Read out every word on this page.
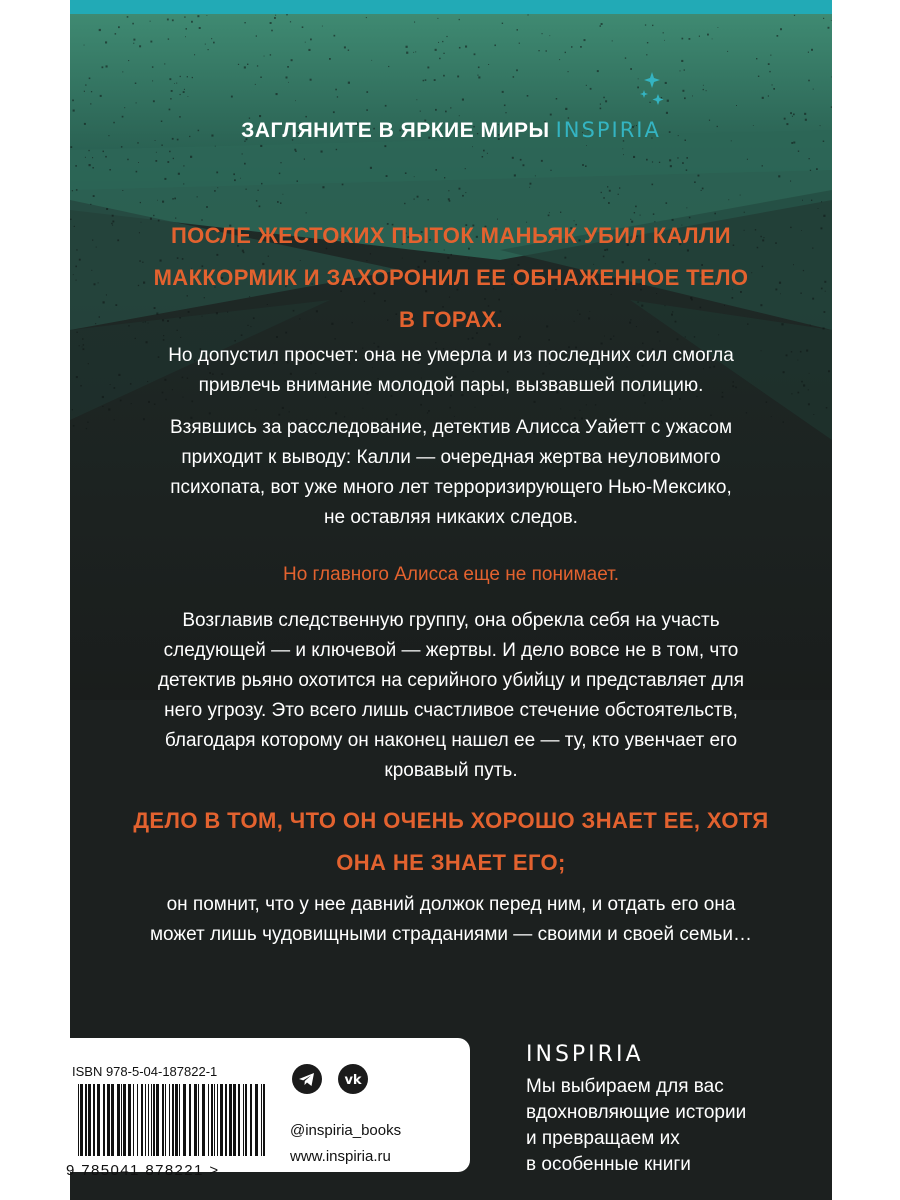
ЗАГЛЯНИТЕ В ЯРКИЕ МИРЫ INSPIRIA
ПОСЛЕ ЖЕСТОКИХ ПЫТОК МАНЬЯК УБИЛ КАЛЛИ
МАККОРМИК И ЗАХОРОНИЛ ЕЕ ОБНАЖЕННОЕ ТЕЛО
В ГОРАХ.
Но допустил просчет: она не умерла и из последних сил смогла
привлечь внимание молодой пары, вызвавшей полицию.
Взявшись за расследование, детектив Алисса Уайетт с ужасом
приходит к выводу: Калли — очередная жертва неуловимого
психопата, вот уже много лет терроризирующего Нью-Мексико,
не оставляя никаких следов.
Но главного Алисса еще не понимает.
Возглавив следственную группу, она обрекла себя на участь
следующей — и ключевой — жертвы. И дело вовсе не в том, что
детектив рьяно охотится на серийного убийцу и представляет для
него угрозу. Это всего лишь счастливое стечение обстоятельств,
благодаря которому он наконец нашел ее — ту, кто увенчает его
кровавый путь.
ДЕЛО В ТОМ, ЧТО ОН ОЧЕНЬ ХОРОШО ЗНАЕТ ЕЕ, ХОТЯ
ОНА НЕ ЗНАЕТ ЕГО;
он помнит, что у нее давний должок перед ним, и отдать его она
может лишь чудовищными страданиями — своими и своей семьи…
INSPIRIA
Мы выбираем для вас
вдохновляющие истории
и превращаем их
в особенные книги
ISBN 978-5-04-187822-1
9 785041 878221 >
vk
@inspiria_books
www.inspiria.ru
